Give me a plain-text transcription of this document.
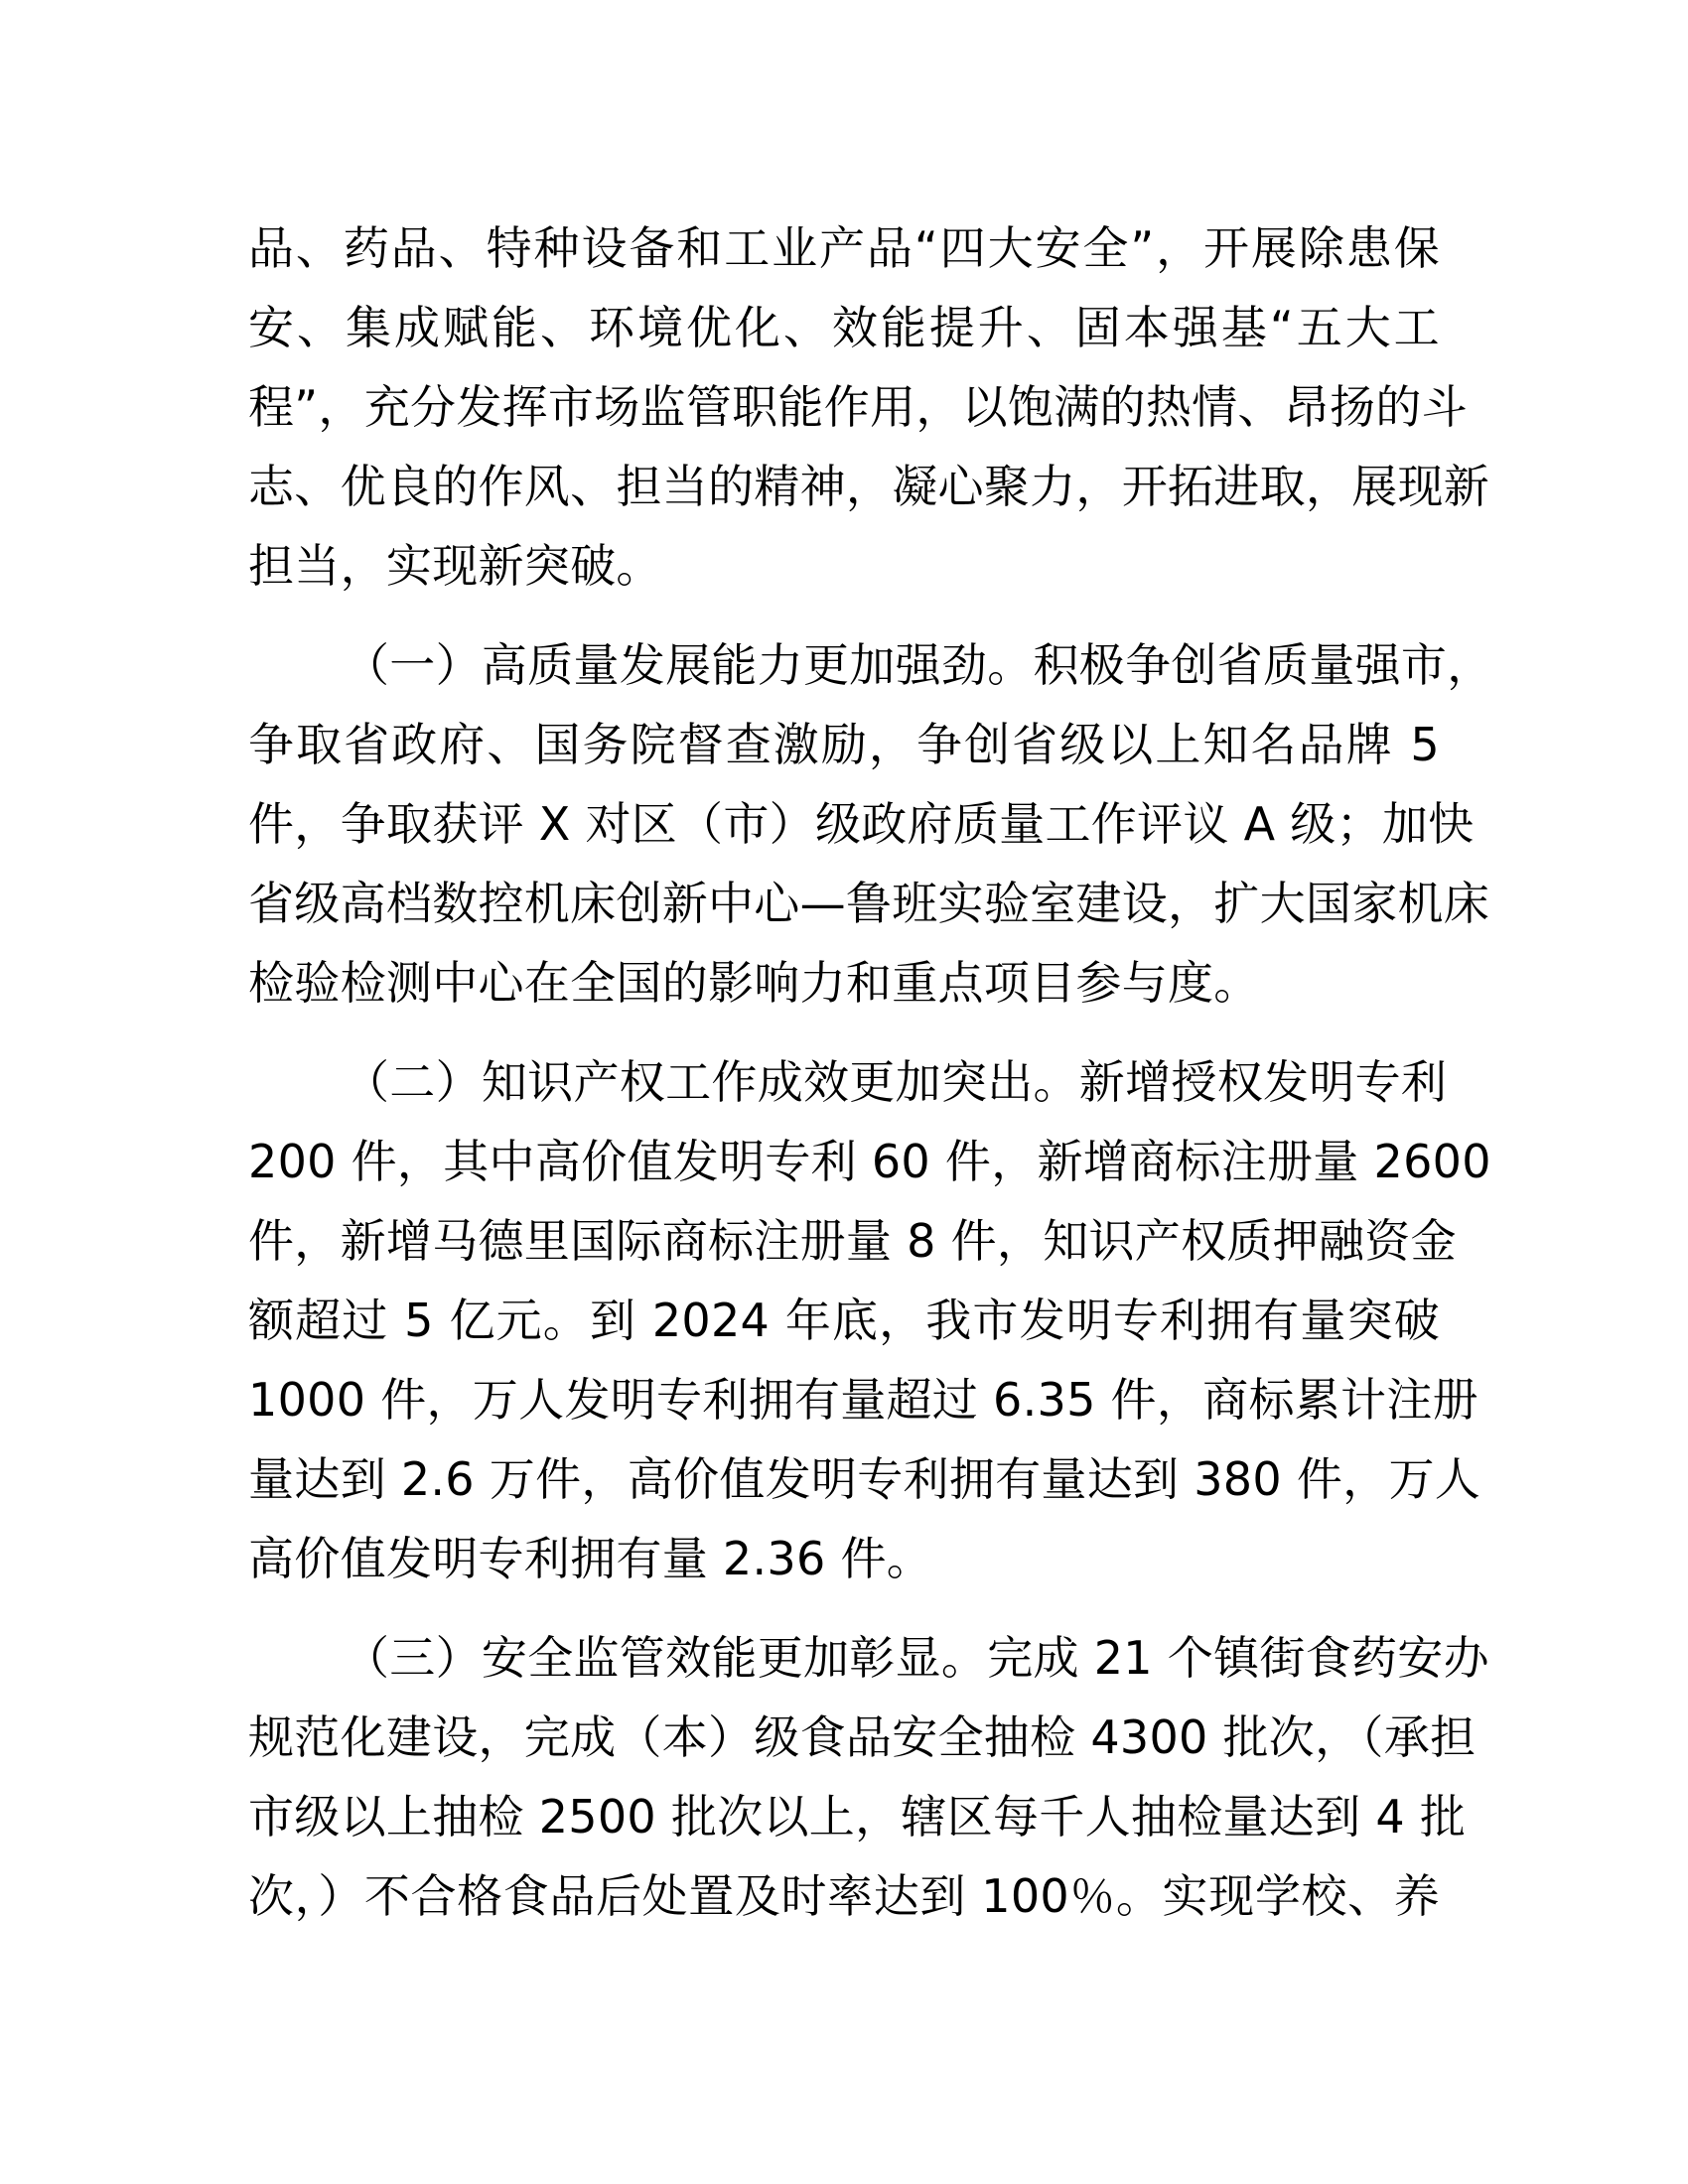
品、药品、特种设备和工业产品“四大安全”，开展除患保
安、集成赋能、环境优化、效能提升、固本强基“五大工
程”，充分发挥市场监管职能作用，以饱满的热情、昂扬的斗
志、优良的作风、担当的精神，凝心聚力，开拓进取，展现新
担当，实现新突破。
（一）高质量发展能力更加强劲。积极争创省质量强市，
争取省政府、国务院督查激励，争创省级以上知名品牌 5
件，争取获评 X 对区（市）级政府质量工作评议 A 级；加快
省级高档数控机床创新中心—鲁班实验室建设，扩大国家机床
检验检测中心在全国的影响力和重点项目参与度。
（二）知识产权工作成效更加突出。新增授权发明专利
200 件，其中高价值发明专利 60 件，新增商标注册量 2600
件，新增马德里国际商标注册量 8 件，知识产权质押融资金
额超过 5 亿元。到 2024 年底，我市发明专利拥有量突破
1000 件，万人发明专利拥有量超过 6.35 件，商标累计注册
量达到 2.6 万件，高价值发明专利拥有量达到 380 件，万人
高价值发明专利拥有量 2.36 件。
（三）安全监管效能更加彰显。完成 21 个镇街食药安办
规范化建设，完成（本）级食品安全抽检 4300 批次，（承担
市级以上抽检 2500 批次以上，辖区每千人抽检量达到 4 批
次，）不合格食品后处置及时率达到 100％。实现学校、养
